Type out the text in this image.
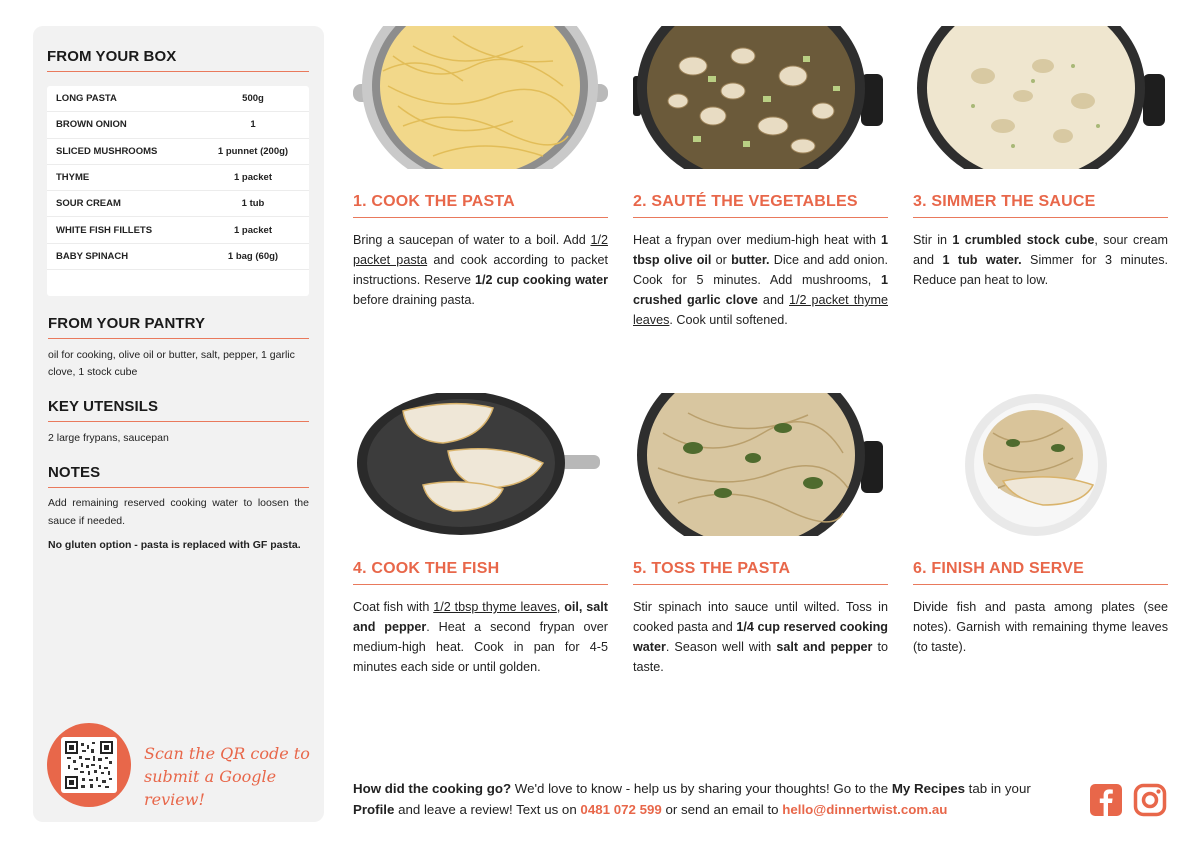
FROM YOUR BOX
LONG PASTA	500g
BROWN ONION	1
SLICED MUSHROOMS	1 punnet (200g)
THYME	1 packet
SOUR CREAM	1 tub
WHITE FISH FILLETS	1 packet
BABY SPINACH	1 bag (60g)
FROM YOUR PANTRY
oil for cooking, olive oil or butter, salt, pepper, 1 garlic clove, 1 stock cube
KEY UTENSILS
2 large frypans, saucepan
NOTES

Add remaining reserved cooking water to loosen the sauce if needed.

No gluten option - pasta is replaced with GF pasta.

Scan the QR code to submit a Google review!
1. COOK THE PASTA
Bring a saucepan of water to a boil. Add 1/2 packet pasta and cook according to packet instructions. Reserve 1/2 cup cooking water before draining pasta.
2. SAUTÉ THE VEGETABLES
Heat a frypan over medium-high heat with 1 tbsp olive oil or butter. Dice and add onion. Cook for 5 minutes. Add mushrooms, 1 crushed garlic clove and 1/2 packet thyme leaves. Cook until softened.
3. SIMMER THE SAUCE
Stir in 1 crumbled stock cube, sour cream and 1 tub water. Simmer for 3 minutes. Reduce pan heat to low.
4. COOK THE FISH
Coat fish with 1/2 tbsp thyme leaves, oil, salt and pepper. Heat a second frypan over medium-high heat. Cook in pan for 4-5 minutes each side or until golden.
5. TOSS THE PASTA
Stir spinach into sauce until wilted. Toss in cooked pasta and 1/4 cup reserved cooking water. Season well with salt and pepper to taste.
6. FINISH AND SERVE
Divide fish and pasta among plates (see notes). Garnish with remaining thyme leaves (to taste).
How did the cooking go? We'd love to know - help us by sharing your thoughts! Go to the My Recipes tab in your Profile and leave a review! Text us on 0481 072 599 or send an email to hello@dinnertwist.com.au
